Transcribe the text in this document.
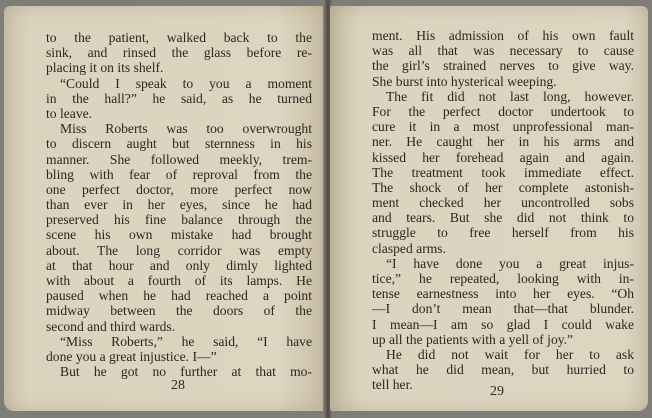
to the patient, walked back to the
sink, and rinsed the glass before re-
placing it on its shelf.
“Could I speak to you a moment
in the hall?” he said, as he turned
to leave.
Miss Roberts was too overwrought
to discern aught but sternness in his
manner. She followed meekly, trem-
bling with fear of reproval from the
one perfect doctor, more perfect now
than ever in her eyes, since he had
preserved his fine balance through the
scene his own mistake had brought
about. The long corridor was empty
at that hour and only dimly lighted
with about a fourth of its lamps. He
paused when he had reached a point
midway between the doors of the
second and third wards.
“Miss Roberts,” he said, “I have
done you a great injustice. I—”
But he got no further at that mo-
28
ment. His admission of his own fault
was all that was necessary to cause
the girl’s strained nerves to give way.
She burst into hysterical weeping.
The fit did not last long, however.
For the perfect doctor undertook to
cure it in a most unprofessional man-
ner. He caught her in his arms and
kissed her forehead again and again.
The treatment took immediate effect.
The shock of her complete astonish-
ment checked her uncontrolled sobs
and tears. But she did not think to
struggle to free herself from his
clasped arms.
“I have done you a great injus-
tice,” he repeated, looking with in-
tense earnestness into her eyes. “Oh
—I don’t mean that—that blunder.
I mean—I am so glad I could wake
up all the patients with a yell of joy.”
He did not wait for her to ask
what he did mean, but hurried to
tell her.	29
